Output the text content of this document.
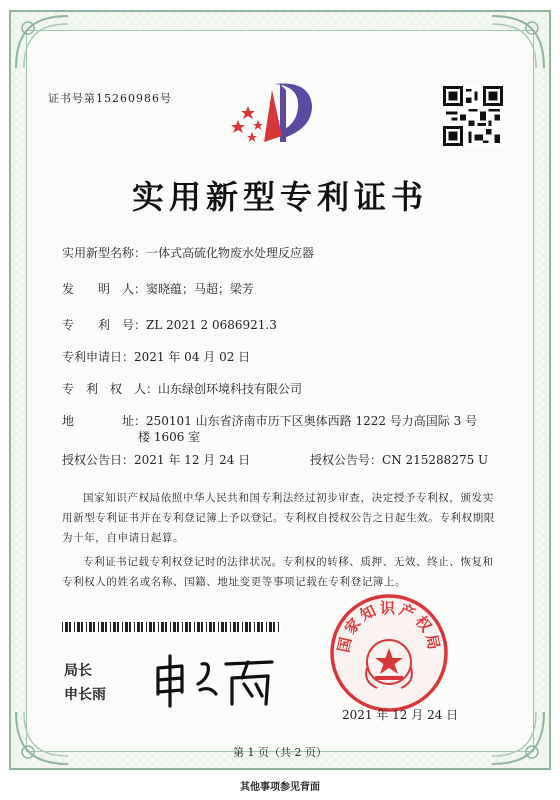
证书号第15260986号
实用新型专利证书
实用新型名称：一体式高硫化物废水处理反应器
发　　明　人：窦晓蕴；马超；梁芳
专　　利　号：ZL 2021 2 0686921.3
专利申请日：2021 年 04 月 02 日
专　利　权　人：山东绿创环境科技有限公司
地　　　　址：250101 山东省济南市历下区奥体西路 1222 号力高国际 3 号
楼 1606 室
授权公告日：2021 年 12 月 24 日	授权公告号：CN 215288275 U
国家知识产权局依照中华人民共和国专利法经过初步审查，决定授予专利权，颁发实用新型专利证书并在专利登记簿上予以登记。专利权自授权公告之日起生效。专利权期限为十年，自申请日起算。
专利证书记载专利权登记时的法律状况。专利权的转移、质押、无效、终止、恢复和专利权人的姓名或名称、国籍、地址变更等事项记载在专利登记簿上。
局长
申长雨
国家知识产权局
2021 年 12 月 24 日
第 1 页（共 2 页）
其他事项参见背面
